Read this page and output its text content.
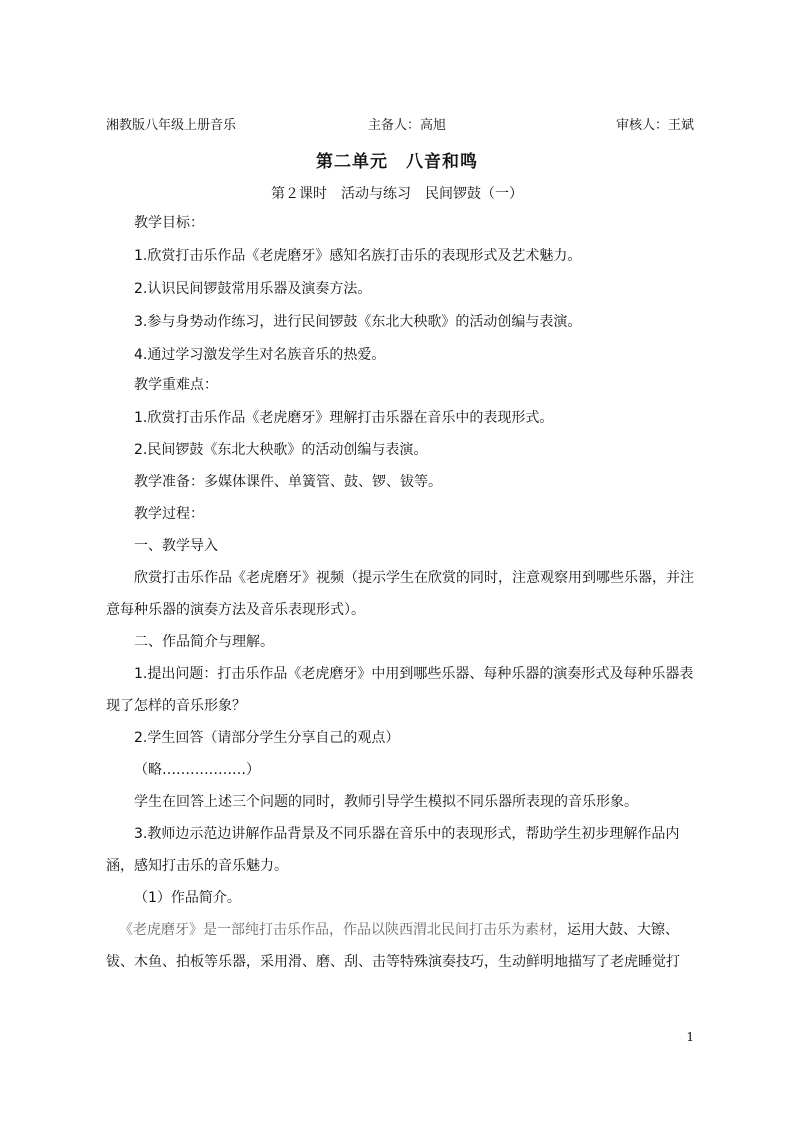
湘教版八年级上册音乐	主备人：高旭	审核人：王斌
第二单元　八音和鸣
第２课时　活动与练习　民间锣鼓（一）
教学目标：
1.欣赏打击乐作品《老虎磨牙》感知名族打击乐的表现形式及艺术魅力。
2.认识民间锣鼓常用乐器及演奏方法。
3.参与身势动作练习，进行民间锣鼓《东北大秧歌》的活动创编与表演。
4.通过学习激发学生对名族音乐的热爱。
教学重难点：
1.欣赏打击乐作品《老虎磨牙》理解打击乐器在音乐中的表现形式。
2.民间锣鼓《东北大秧歌》的活动创编与表演。
教学准备：多媒体课件、单簧管、鼓、锣、钹等。
教学过程：
一、教学导入
欣赏打击乐作品《老虎磨牙》视频（提示学生在欣赏的同时，注意观察用到哪些乐器，并注
意每种乐器的演奏方法及音乐表现形式）。
二、作品简介与理解。
1.提出问题：打击乐作品《老虎磨牙》中用到哪些乐器、每种乐器的演奏形式及每种乐器表
现了怎样的音乐形象？
2.学生回答（请部分学生分享自己的观点）
（略………………）
学生在回答上述三个问题的同时，教师引导学生模拟不同乐器所表现的音乐形象。
3.教师边示范边讲解作品背景及不同乐器在音乐中的表现形式，帮助学生初步理解作品内
涵，感知打击乐的音乐魅力。
（1）作品简介。
《老虎磨牙》是一部纯打击乐作品，作品以陕西渭北民间打击乐为素材，运用大鼓、大镲、
钹、木鱼、拍板等乐器，采用滑、磨、刮、击等特殊演奏技巧，生动鲜明地描写了老虎睡觉打
1
